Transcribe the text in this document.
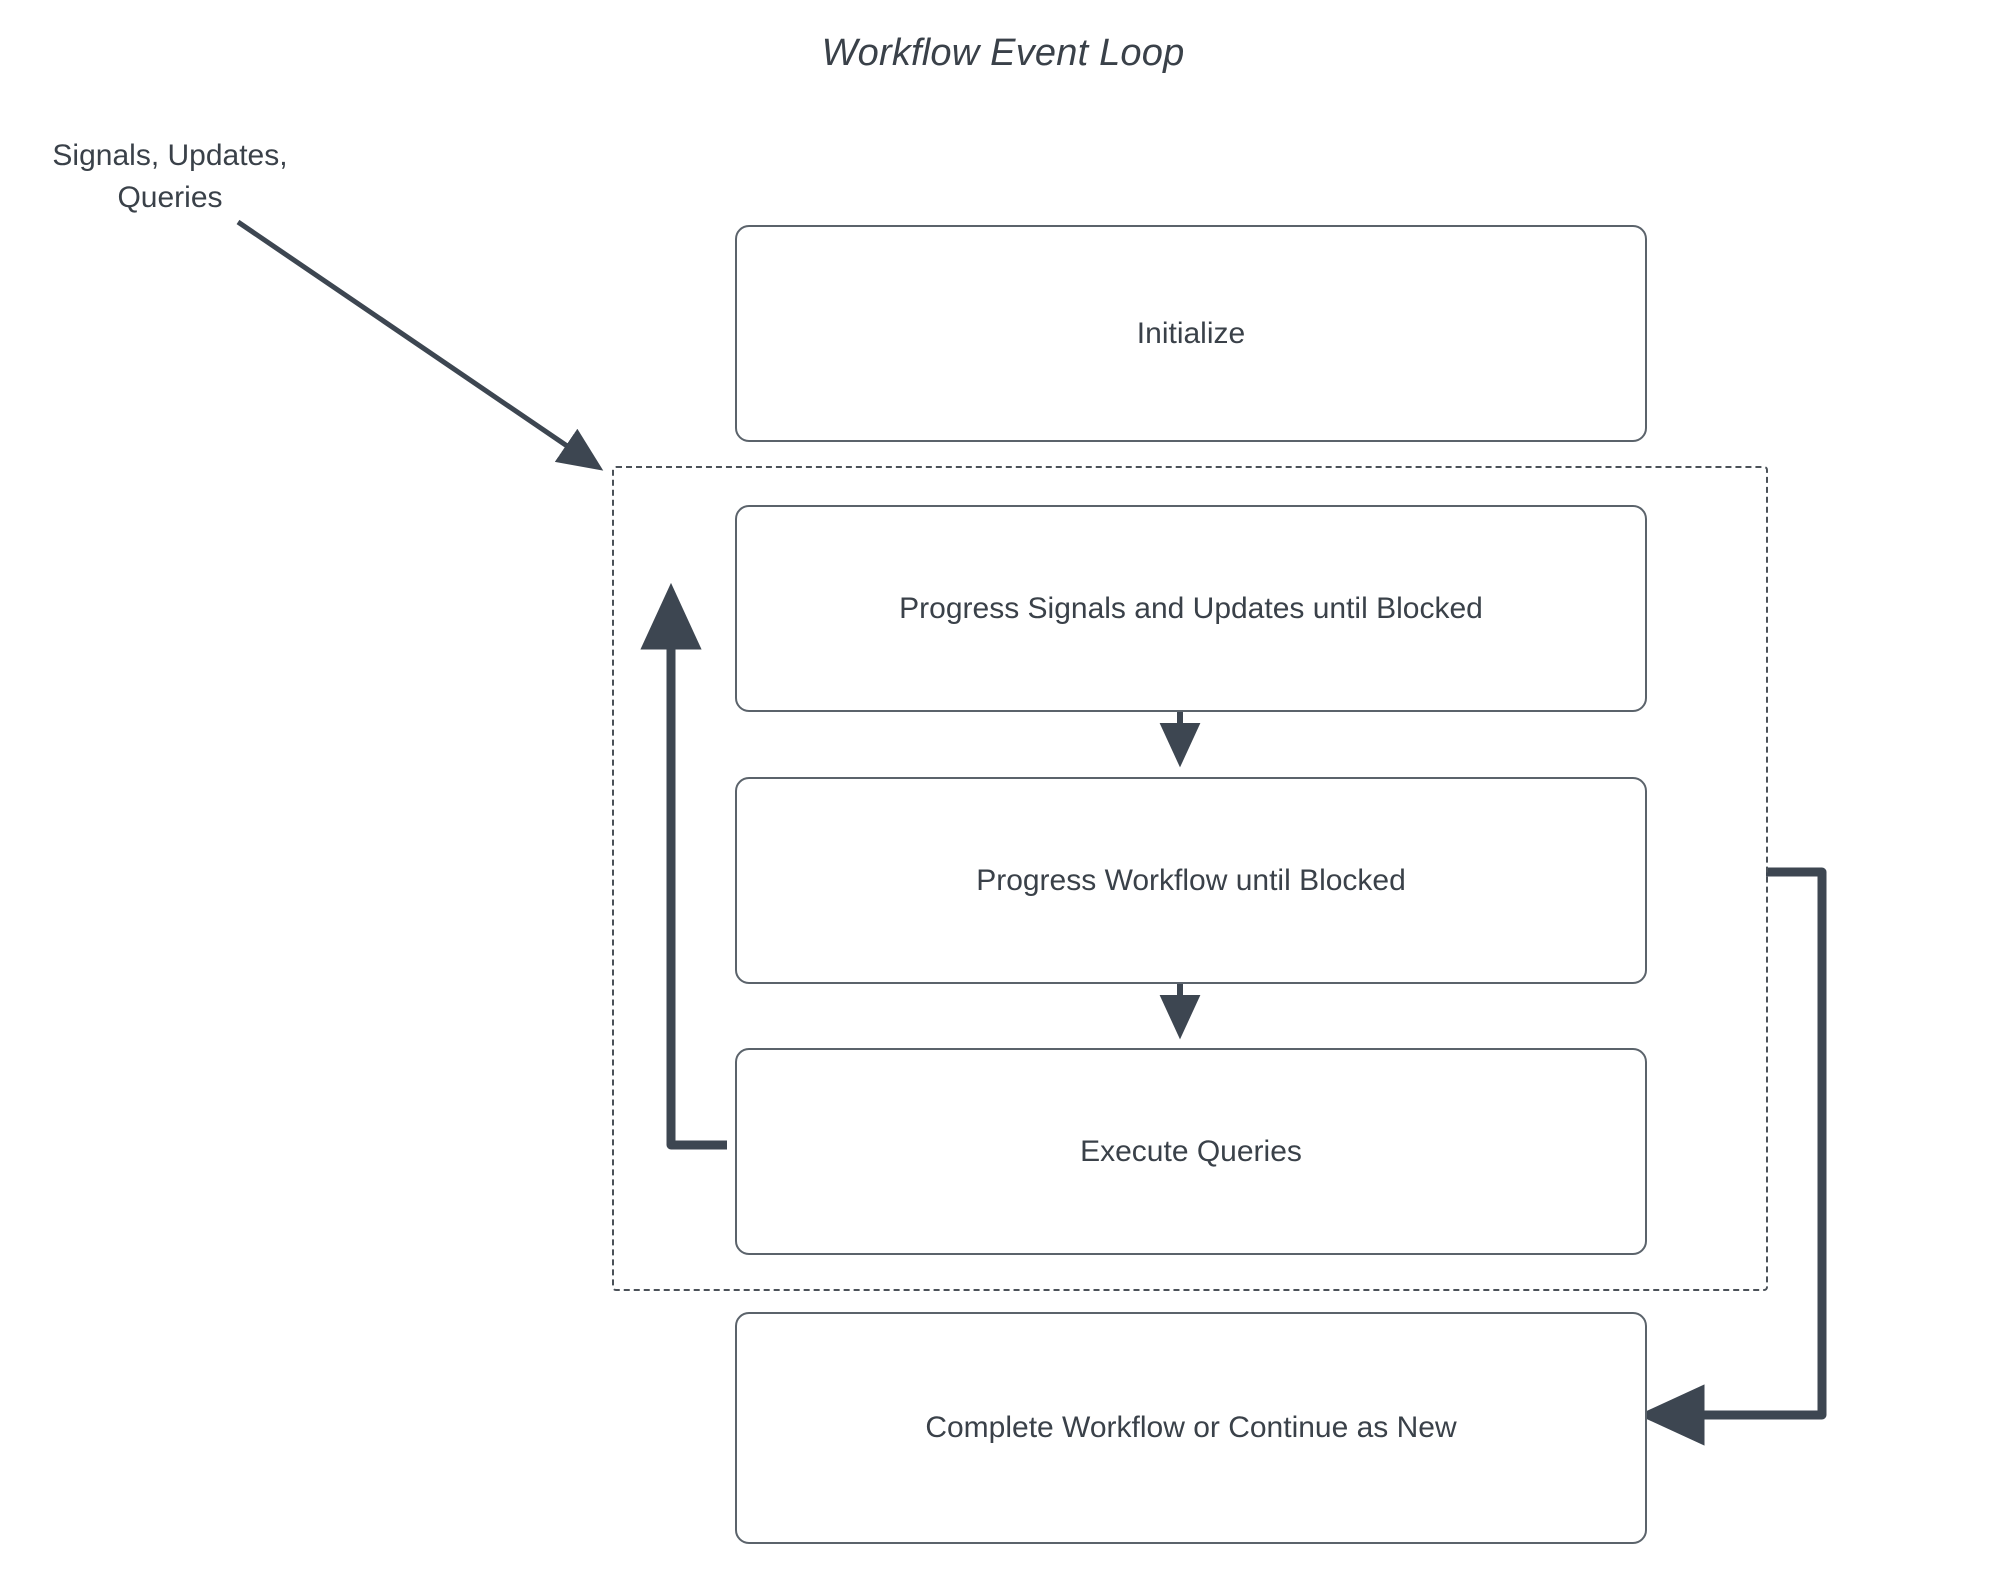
Workflow Event Loop
Signals, Updates,
Queries
Initialize
Progress Signals and Updates until Blocked
Progress Workflow until Blocked
Execute Queries
Complete Workflow or Continue as New
